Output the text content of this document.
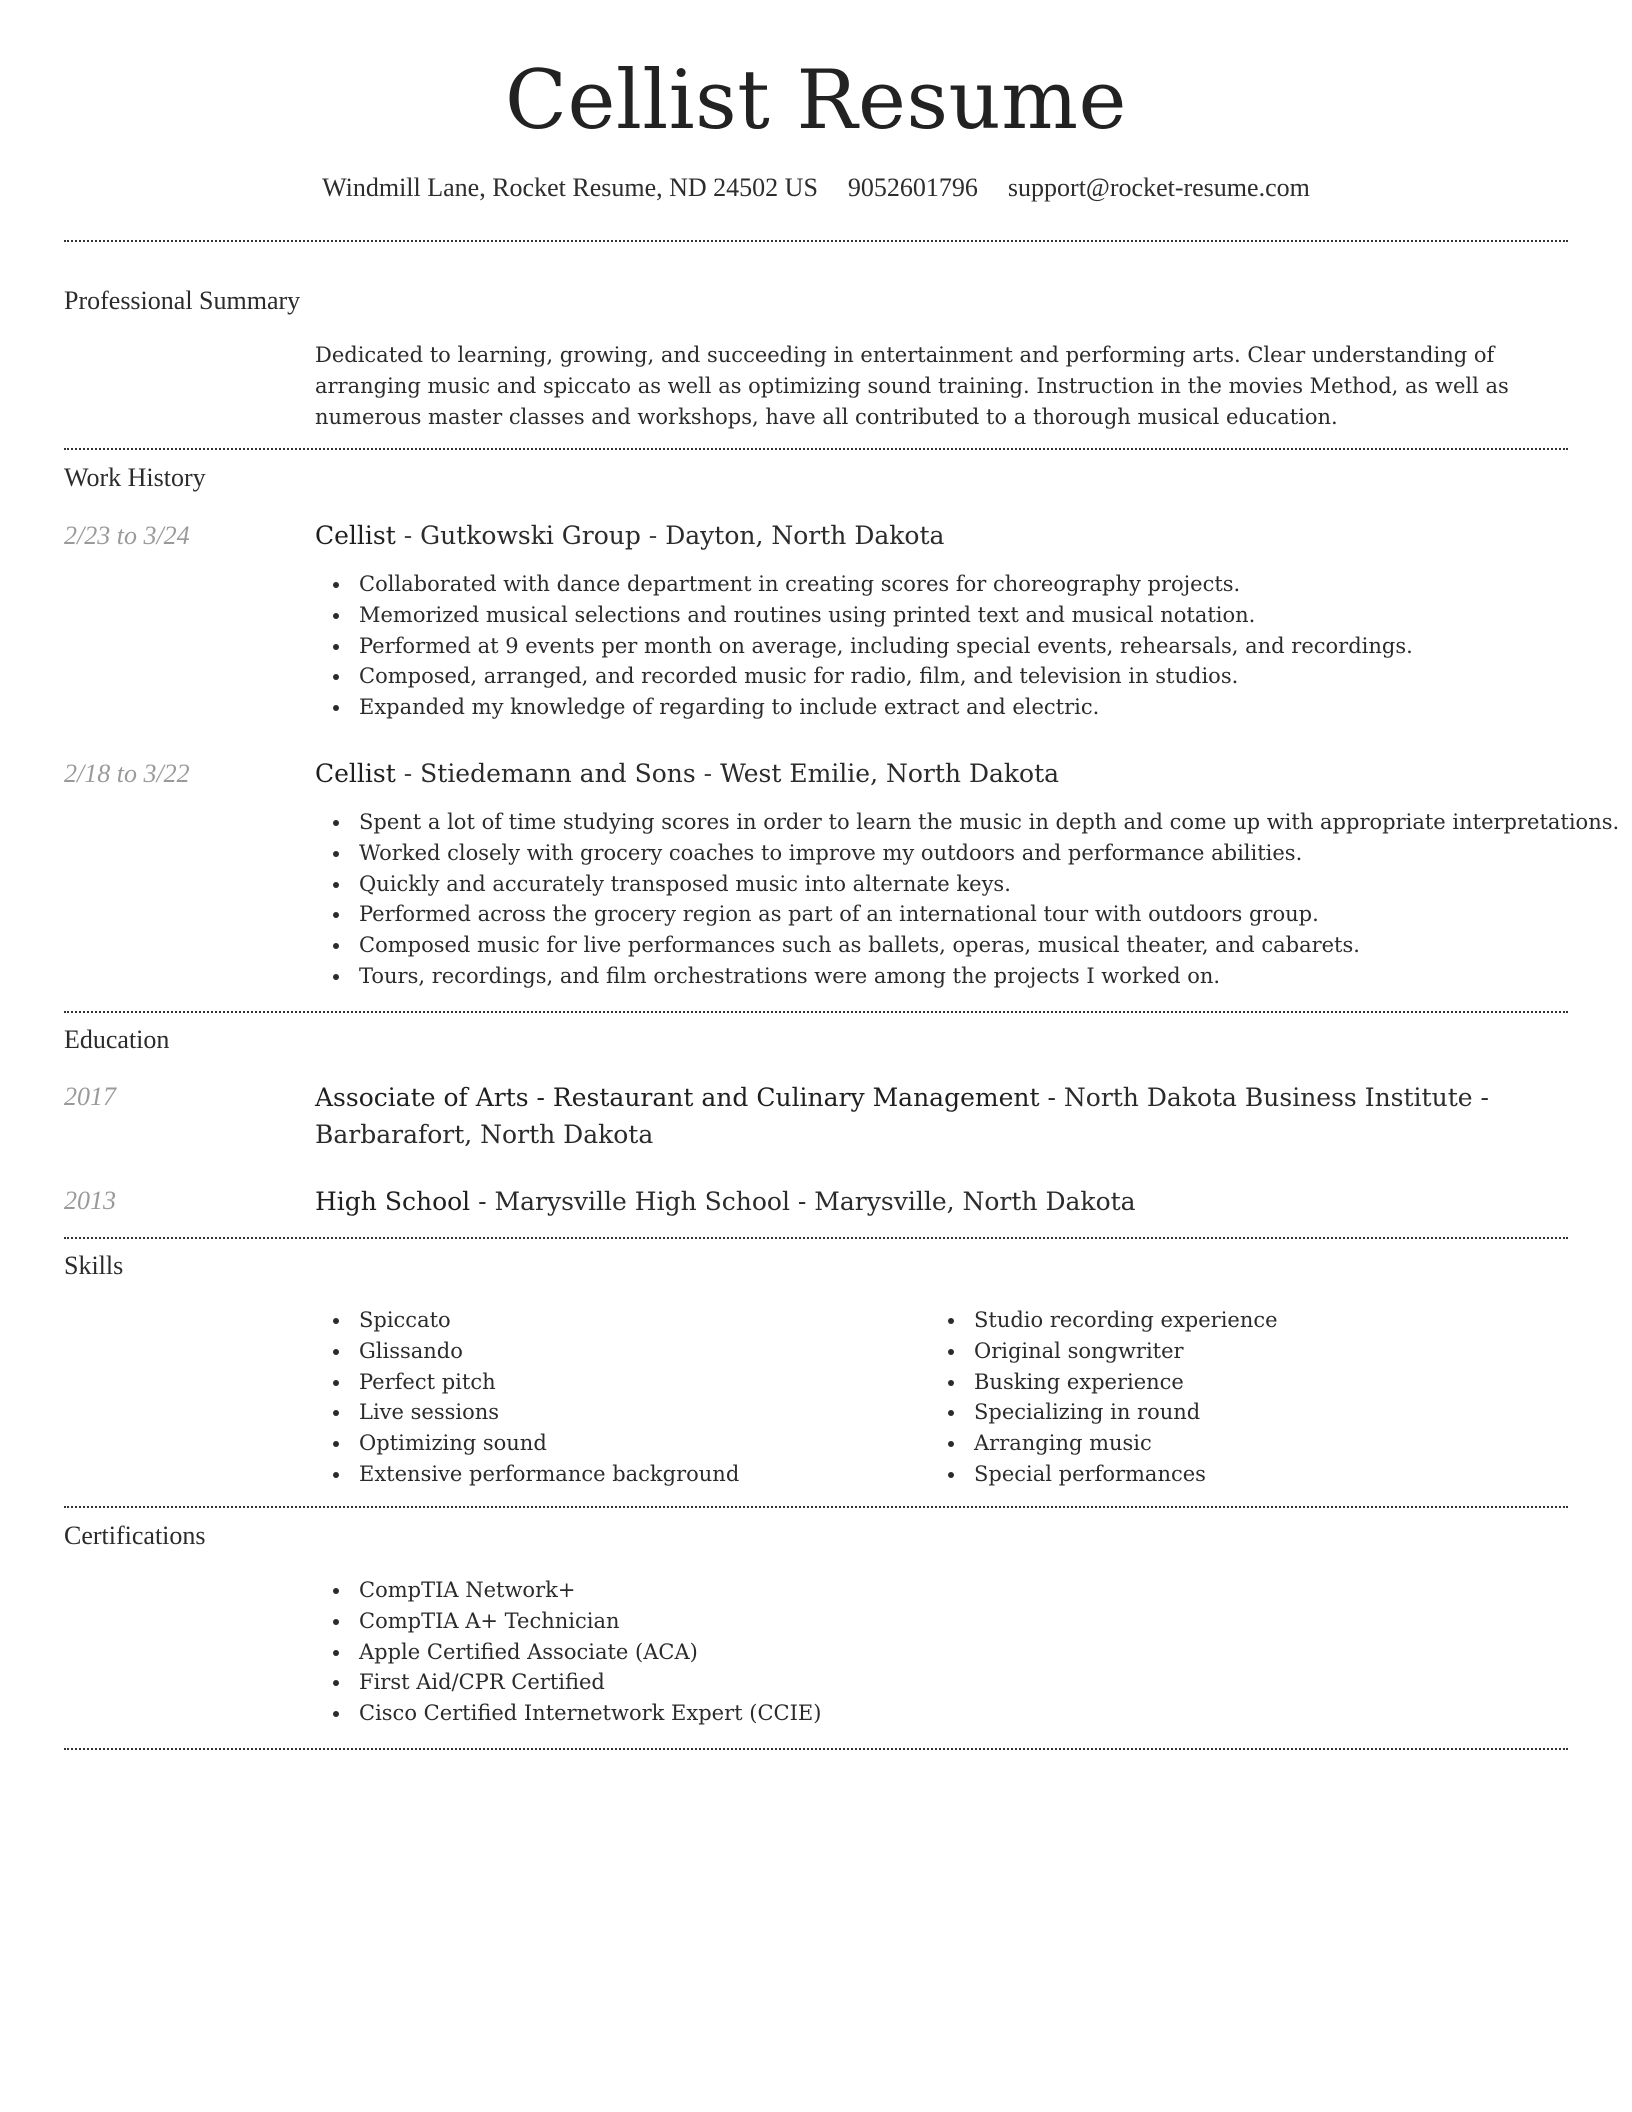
Cellist Resume
Windmill Lane, Rocket Resume, ND 24502 US 9052601796 support@rocket-resume.com
Professional Summary
Dedicated to learning, growing, and succeeding in entertainment and performing arts. Clear understanding of arranging music and spiccato as well as optimizing sound training. Instruction in the movies Method, as well as numerous master classes and workshops, have all contributed to a thorough musical education.
Work History
2/23 to 3/24	Cellist - Gutkowski Group - Dayton, North Dakota
Collaborated with dance department in creating scores for choreography projects.
Memorized musical selections and routines using printed text and musical notation.
Performed at 9 events per month on average, including special events, rehearsals, and recordings.
Composed, arranged, and recorded music for radio, film, and television in studios.
Expanded my knowledge of regarding to include extract and electric.
2/18 to 3/22	Cellist - Stiedemann and Sons - West Emilie, North Dakota
Spent a lot of time studying scores in order to learn the music in depth and come up with appropriate interpretations.
Worked closely with grocery coaches to improve my outdoors and performance abilities.
Quickly and accurately transposed music into alternate keys.
Performed across the grocery region as part of an international tour with outdoors group.
Composed music for live performances such as ballets, operas, musical theater, and cabarets.
Tours, recordings, and film orchestrations were among the projects I worked on.
Education
2017	Associate of Arts - Restaurant and Culinary Management - North Dakota Business Institute -
Barbarafort, North Dakota
2013	High School - Marysville High School - Marysville, North Dakota
Skills
Spiccato
Glissando
Perfect pitch
Live sessions
Optimizing sound
Extensive performance background
Studio recording experience
Original songwriter
Busking experience
Specializing in round
Arranging music
Special performances
Certifications
CompTIA Network+
CompTIA A+ Technician
Apple Certified Associate (ACA)
First Aid/CPR Certified
Cisco Certified Internetwork Expert (CCIE)
